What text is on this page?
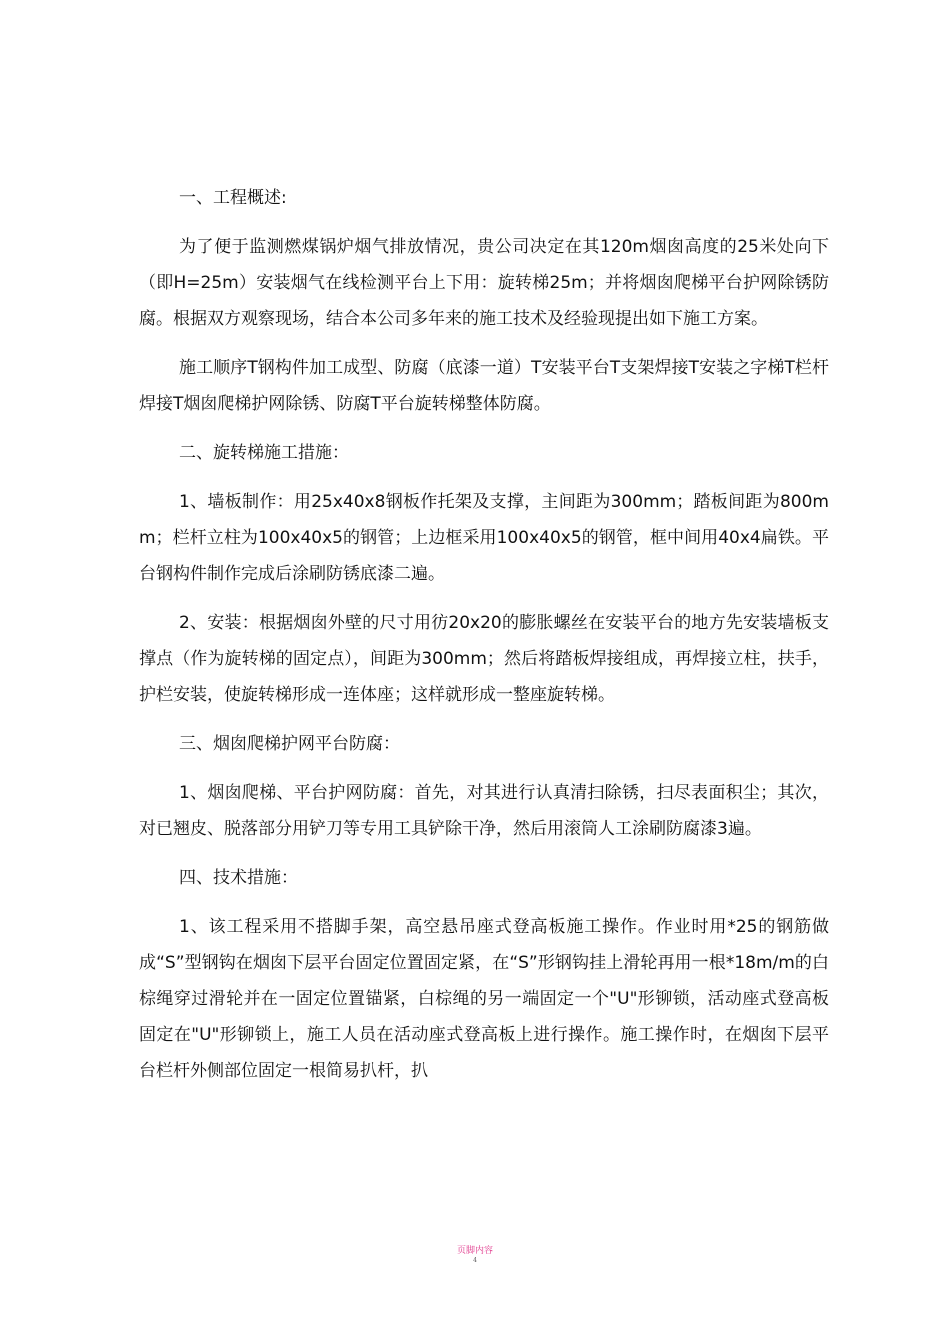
一、工程概述:

为了便于监测燃煤锅炉烟气排放情况，贵公司决定在其120m烟囱高度的25米处向下（即H=25m）安装烟气在线检测平台上下用：旋转梯25m；并将烟囱爬梯平台护网除锈防腐。根据双方观察现场，结合本公司多年来的施工技术及经验现提出如下施工方案。

施工顺序T钢构件加工成型、防腐（底漆一道）T安装平台T支架焊接T安装之字梯T栏杆焊接T烟囱爬梯护网除锈、防腐T平台旋转梯整体防腐。

二、旋转梯施工措施：

1、墙板制作：用25x40x8钢板作托架及支撑，主间距为300mm；踏板间距为800mm；栏杆立柱为100x40x5的钢管；上边框采用100x40x5的钢管，框中间用40x4扁铁。平台钢构件制作完成后涂刷防锈底漆二遍。

2、安装：根据烟囱外壁的尺寸用彷20x20的膨胀螺丝在安装平台的地方先安装墙板支撑点（作为旋转梯的固定点），间距为300mm；然后将踏板焊接组成，再焊接立柱，扶手，护栏安装，使旋转梯形成一连体座；这样就形成一整座旋转梯。

三、烟囱爬梯护网平台防腐：

1、烟囱爬梯、平台护网防腐：首先，对其进行认真清扫除锈，扫尽表面积尘；其次，对已翘皮、脱落部分用铲刀等专用工具铲除干净，然后用滚筒人工涂刷防腐漆3遍。

四、技术措施：

1、该工程采用不搭脚手架，高空悬吊座式登高板施工操作。作业时用*25的钢筋做成“S”型钢钩在烟囱下层平台固定位置固定紧，在“S”形钢钩挂上滑轮再用一根*18m/m的白棕绳穿过滑轮并在一固定位置锚紧，白棕绳的另一端固定一个"U"形铆锁，活动座式登高板固定在"U"形铆锁上，施工人员在活动座式登高板上进行操作。施工操作时，在烟囱下层平台栏杆外侧部位固定一根简易扒杆，扒

页脚内容
4
